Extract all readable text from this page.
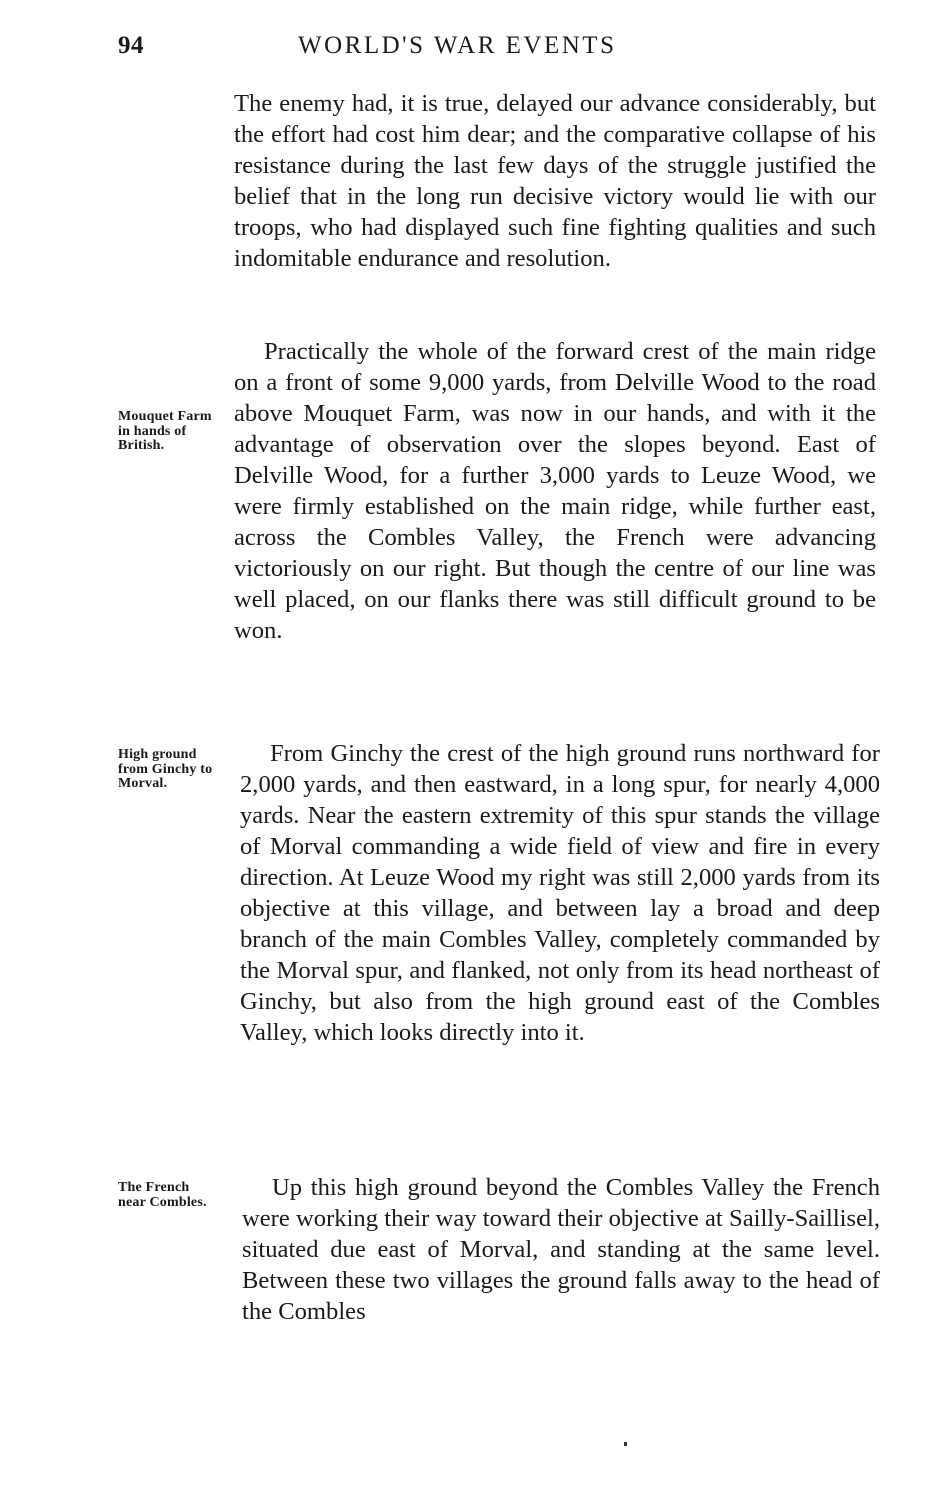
94	WORLD'S WAR EVENTS

The enemy had, it is true, delayed our advance considerably, but the effort had cost him dear; and the comparative collapse of his resistance during the last few days of the struggle justified the belief that in the long run decisive victory would lie with our troops, who had displayed such fine fighting qualities and such indomitable endurance and resolution.

Practically the whole of the forward crest of the main ridge on a front of some 9,000 yards, from Delville Wood to the road above Mouquet Farm, was now in our hands, and with it the advantage of observation over the slopes beyond. East of Delville Wood, for a further 3,000 yards to Leuze Wood, we were firmly established on the main ridge, while further east, across the Combles Valley, the French were advancing victoriously on our right. But though the centre of our line was well placed, on our flanks there was still difficult ground to be won.

From Ginchy the crest of the high ground runs northward for 2,000 yards, and then eastward, in a long spur, for nearly 4,000 yards. Near the eastern extremity of this spur stands the village of Morval commanding a wide field of view and fire in every direction. At Leuze Wood my right was still 2,000 yards from its objective at this village, and between lay a broad and deep branch of the main Combles Valley, completely commanded by the Morval spur, and flanked, not only from its head northeast of Ginchy, but also from the high ground east of the Combles Valley, which looks directly into it.

Up this high ground beyond the Combles Valley the French were working their way toward their objective at Sailly-Saillisel, situated due east of Morval, and standing at the same level. Between these two villages the ground falls away to the head of the Combles

Mouquet Farm in hands of British.
High ground from Ginchy to Morval.
The French near Combles.
